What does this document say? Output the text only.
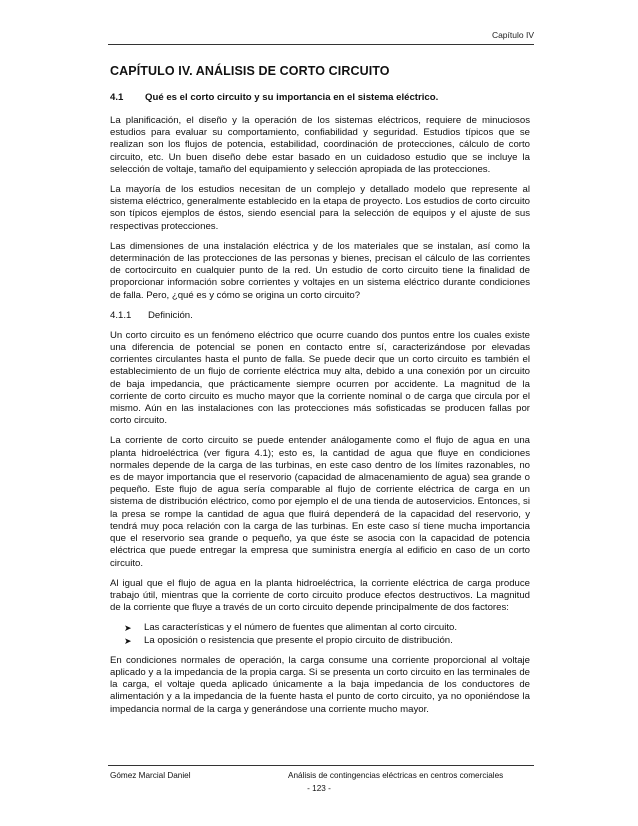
Capítulo IV
CAPÍTULO IV. ANÁLISIS DE CORTO CIRCUITO
4.1	Qué es el corto circuito y su importancia en el sistema eléctrico.

La planificación, el diseño y la operación de los sistemas eléctricos, requiere de minuciosos estudios para evaluar su comportamiento, confiabilidad y seguridad. Estudios típicos que se realizan son los flujos de potencia, estabilidad, coordinación de protecciones, cálculo de corto circuito, etc. Un buen diseño debe estar basado en un cuidadoso estudio que se incluye la selección de voltaje, tamaño del equipamiento y selección apropiada de las protecciones.

La mayoría de los estudios necesitan de un complejo y detallado modelo que represente al sistema eléctrico, generalmente establecido en la etapa de proyecto. Los estudios de corto circuito son típicos ejemplos de éstos, siendo esencial para la selección de equipos y el ajuste de sus respectivas protecciones.

Las dimensiones de una instalación eléctrica y de los materiales que se instalan, así como la determinación de las protecciones de las personas y bienes, precisan el cálculo de las corrientes de cortocircuito en cualquier punto de la red. Un estudio de corto circuito tiene la finalidad de proporcionar información sobre corrientes y voltajes en un sistema eléctrico durante condiciones de falla. Pero, ¿qué es y cómo se origina un corto circuito?

4.1.1	Definición.

Un corto circuito es un fenómeno eléctrico que ocurre cuando dos puntos entre los cuales existe una diferencia de potencial se ponen en contacto entre sí, caracterizándose por elevadas corrientes circulantes hasta el punto de falla. Se puede decir que un corto circuito es también el establecimiento de un flujo de corriente eléctrica muy alta, debido a una conexión por un circuito de baja impedancia, que prácticamente siempre ocurren por accidente. La magnitud de la corriente de corto circuito es mucho mayor que la corriente nominal o de carga que circula por el mismo. Aún en las instalaciones con las protecciones más sofisticadas se producen fallas por corto circuito.

La corriente de corto circuito se puede entender análogamente como el flujo de agua en una planta hidroeléctrica (ver figura 4.1); esto es, la cantidad de agua que fluye en condiciones normales depende de la carga de las turbinas, en este caso dentro de los límites razonables, no es de mayor importancia que el reservorio (capacidad de almacenamiento de agua) sea grande o pequeño. Este flujo de agua sería comparable al flujo de corriente eléctrica de carga en un sistema de distribución eléctrico, como por ejemplo el de una tienda de autoservicios. Entonces, si la presa se rompe la cantidad de agua que fluirá dependerá de la capacidad del reservorio, y tendrá muy poca relación con la carga de las turbinas. En este caso sí tiene mucha importancia que el reservorio sea grande o pequeño, ya que éste se asocia con la capacidad de potencia eléctrica que puede entregar la empresa que suministra energía al edificio en caso de un corto circuito.

Al igual que el flujo de agua en la planta hidroeléctrica, la corriente eléctrica de carga produce trabajo útil, mientras que la corriente de corto circuito produce efectos destructivos. La magnitud de la corriente que fluye a través de un corto circuito depende principalmente de dos factores:

➤	Las características y el número de fuentes que alimentan al corto circuito.
➤	La oposición o resistencia que presente el propio circuito de distribución.

En condiciones normales de operación, la carga consume una corriente proporcional al voltaje aplicado y a la impedancia de la propia carga. Si se presenta un corto circuito en las terminales de la carga, el voltaje queda aplicado únicamente a la baja impedancia de los conductores de alimentación y a la impedancia de la fuente hasta el punto de corto circuito, ya no oponiéndose la impedancia normal de la carga y generándose una corriente mucho mayor.

Gómez Marcial Daniel	Análisis de contingencias eléctricas en centros comerciales
- 123 -
